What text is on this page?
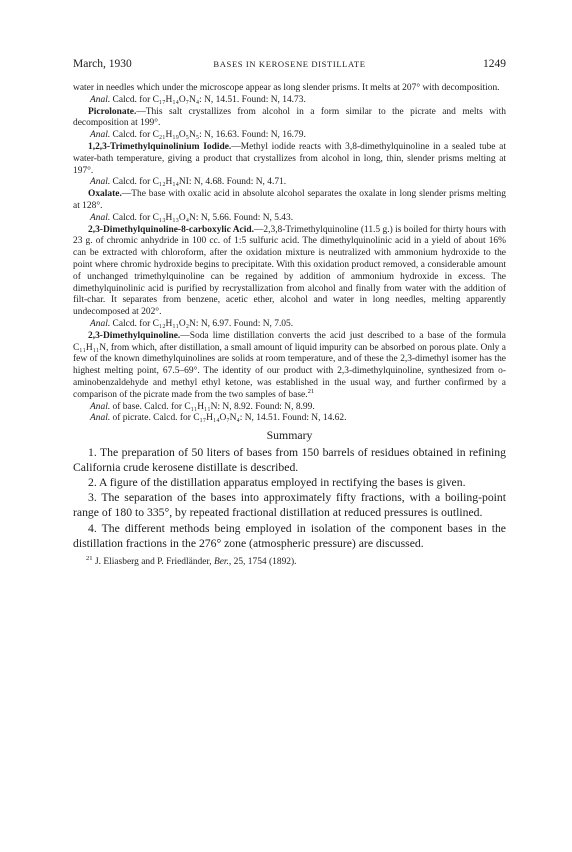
March, 1930	BASES IN KEROSENE DISTILLATE	1249

water in needles which under the microscope appear as long slender prisms. It melts at 207° with decomposition.

Anal. Calcd. for C₁₇H₁₄O₇N₄: N, 14.51. Found: N, 14.73.

Picrolonate.—This salt crystallizes from alcohol in a form similar to the picrate and melts with decomposition at 199°.

Anal. Calcd. for C₂₁H₁₉O₅N₅: N, 16.63. Found: N, 16.79.

1,2,3-Trimethylquinolinium Iodide.—Methyl iodide reacts with 3,8-dimethylquinoline in a sealed tube at water-bath temperature, giving a product that crystallizes from alcohol in long, thin, slender prisms melting at 197°.

Anal. Calcd. for C₁₂H₁₄NI: N, 4.68. Found: N, 4.71.

Oxalate.—The base with oxalic acid in absolute alcohol separates the oxalate in long slender prisms melting at 128°.

Anal. Calcd. for C₁₃H₁₃O₄N: N, 5.66. Found: N, 5.43.

2,3-Dimethylquinoline-8-carboxylic Acid.—2,3,8-Trimethylquinoline (11.5 g.) is boiled for thirty hours with 23 g. of chromic anhydride in 100 cc. of 1:5 sulfuric acid. The dimethylquinolinic acid in a yield of about 16% can be extracted with chloroform, after the oxidation mixture is neutralized with ammonium hydroxide to the point where chromic hydroxide begins to precipitate. With this oxidation product removed, a considerable amount of unchanged trimethylquinoline can be regained by addition of ammonium hydroxide in excess. The dimethylquinolinic acid is purified by recrystallization from alcohol and finally from water with the addition of filt-char. It separates from benzene, acetic ether, alcohol and water in long needles, melting apparently undecomposed at 202°.

Anal. Calcd. for C₁₂H₁₁O₂N: N, 6.97. Found: N, 7.05.

2,3-Dimethylquinoline.—Soda lime distillation converts the acid just described to a base of the formula C₁₁H₁₁N, from which, after distillation, a small amount of liquid impurity can be absorbed on porous plate. Only a few of the known dimethylquinolines are solids at room temperature, and of these the 2,3-dimethyl isomer has the highest melting point, 67.5–69°. The identity of our product with 2,3-dimethylquinoline, synthesized from o-aminobenzaldehyde and methyl ethyl ketone, was established in the usual way, and further confirmed by a comparison of the picrate made from the two samples of base.$^{21}$

Anal. of base. Calcd. for C₁₁H₁₁N: N, 8.92. Found: N, 8.99.

Anal. of picrate. Calcd. for C₁₇H₁₄O₇N₄: N, 14.51. Found: N, 14.62.

Summary

1. The preparation of 50 liters of bases from 150 barrels of residues obtained in refining California crude kerosene distillate is described.

2. A figure of the distillation apparatus employed in rectifying the bases is given.

3. The separation of the bases into approximately fifty fractions, with a boiling-point range of 180 to 335°, by repeated fractional distillation at reduced pressures is outlined.

4. The different methods being employed in isolation of the component bases in the distillation fractions in the 276° zone (atmospheric pressure) are discussed.

$^{21}$ J. Eliasberg and P. Friedländer, Ber., 25, 1754 (1892).
